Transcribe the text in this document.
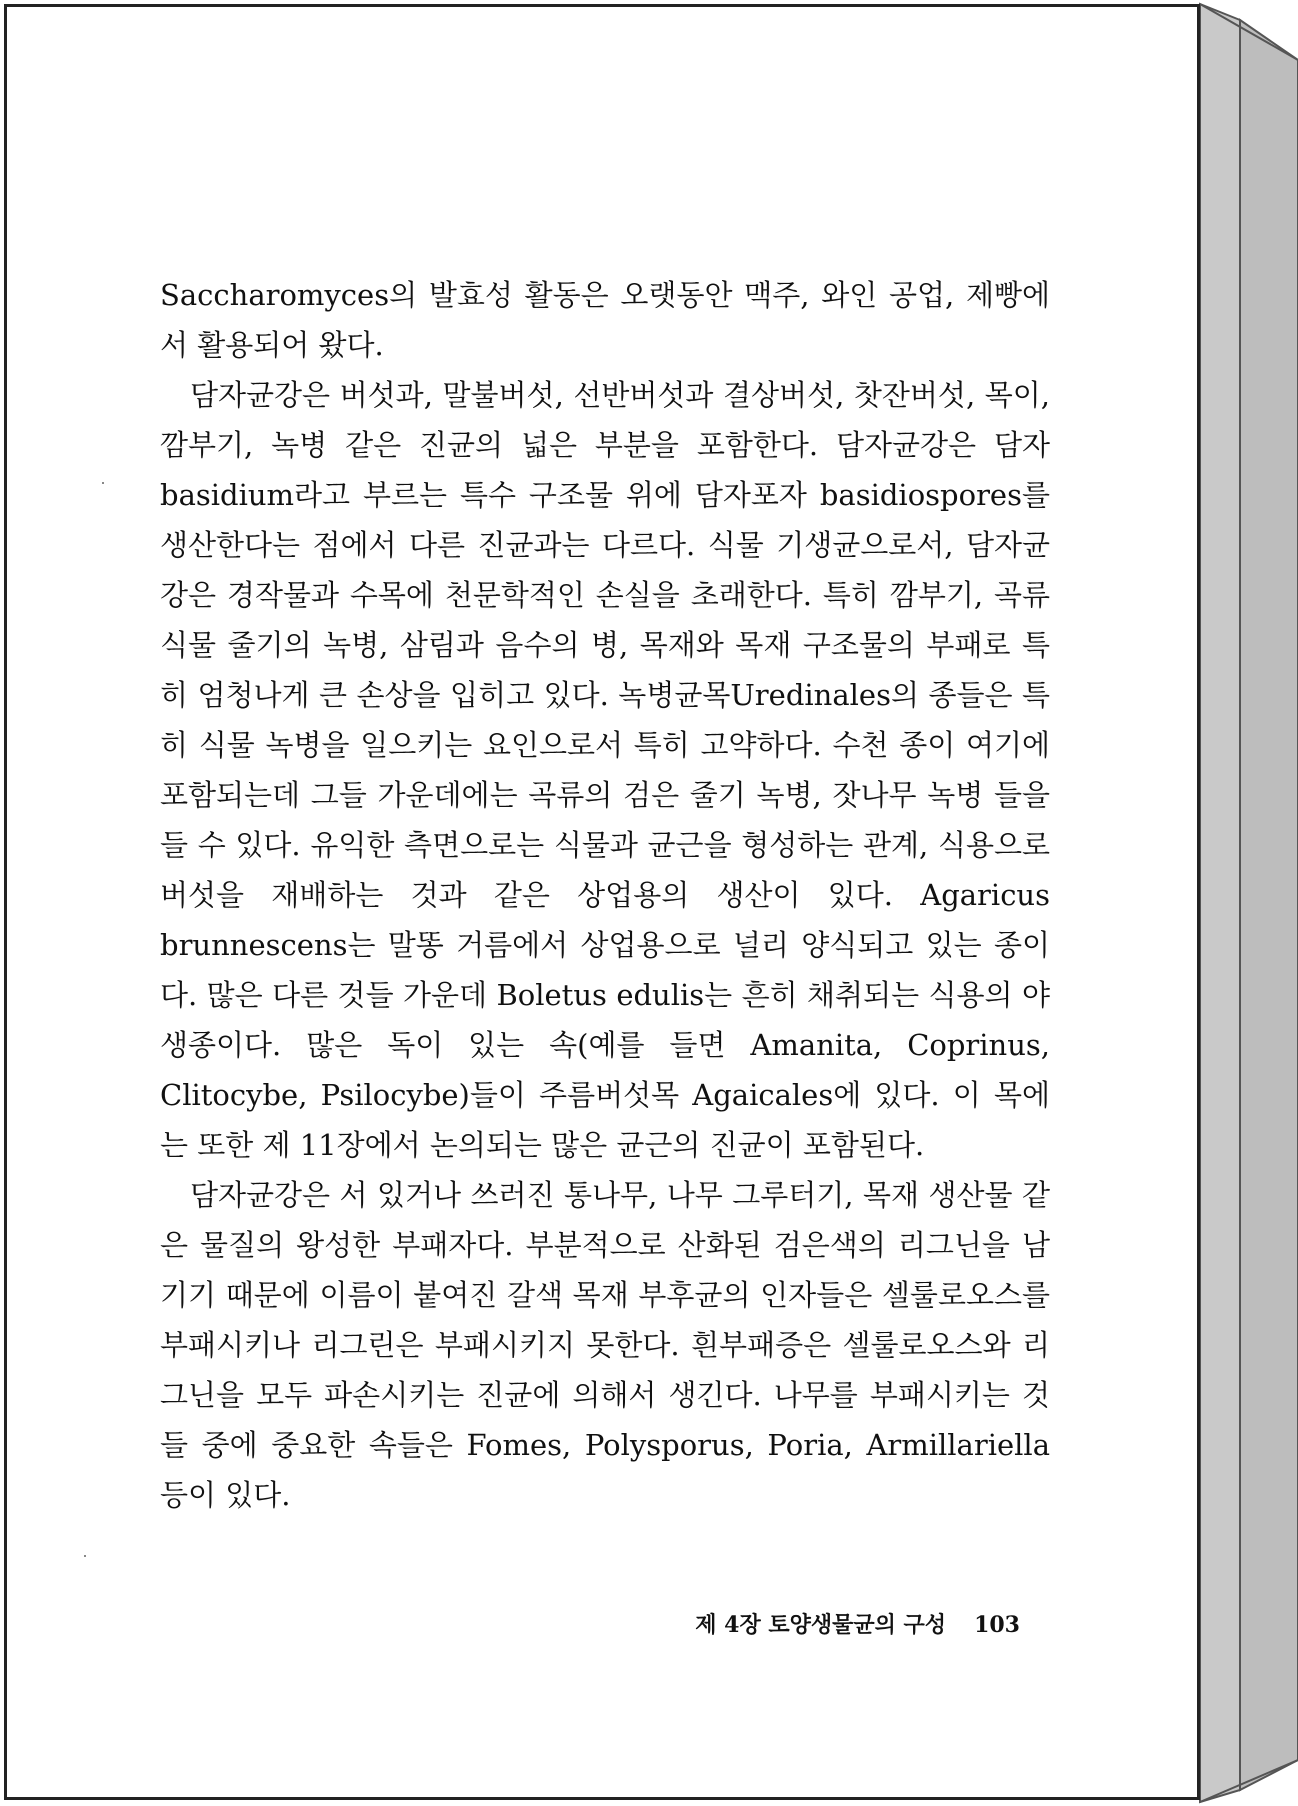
Saccharomyces의 발효성 활동은 오랫동안 맥주, 와인 공업, 제빵에서 활용되어 왔다.

담자균강은 버섯과, 말불버섯, 선반버섯과 결상버섯, 찻잔버섯, 목이, 깜부기, 녹병 같은 진균의 넓은 부분을 포함한다. 담자균강은 담자 basidium라고 부르는 특수 구조물 위에 담자포자 basidiospores를 생산한다는 점에서 다른 진균과는 다르다. 식물 기생균으로서, 담자균강은 경작물과 수목에 천문학적인 손실을 초래한다. 특히 깜부기, 곡류 식물 줄기의 녹병, 삼림과 음수의 병, 목재와 목재 구조물의 부패로 특히 엄청나게 큰 손상을 입히고 있다. 녹병균목Uredinales의 종들은 특히 식물 녹병을 일으키는 요인으로서 특히 고약하다. 수천 종이 여기에 포함되는데 그들 가운데에는 곡류의 검은 줄기 녹병, 잣나무 녹병 들을 들 수 있다. 유익한 측면으로는 식물과 균근을 형성하는 관계, 식용으로 버섯을 재배하는 것과 같은 상업용의 생산이 있다. Agaricus brunnescens는 말똥 거름에서 상업용으로 널리 양식되고 있는 종이다. 많은 다른 것들 가운데 Boletus edulis는 흔히 채취되는 식용의 야생종이다. 많은 독이 있는 속(예를 들면 Amanita, Coprinus, Clitocybe, Psilocybe)들이 주름버섯목 Agaicales에 있다. 이 목에는 또한 제 11장에서 논의되는 많은 균근의 진균이 포함된다.

담자균강은 서 있거나 쓰러진 통나무, 나무 그루터기, 목재 생산물 같은 물질의 왕성한 부패자다. 부분적으로 산화된 검은색의 리그닌을 남기기 때문에 이름이 붙여진 갈색 목재 부후균의 인자들은 셀룰로오스를 부패시키나 리그린은 부패시키지 못한다. 흰부패증은 셀룰로오스와 리그닌을 모두 파손시키는 진균에 의해서 생긴다. 나무를 부패시키는 것들 중에 중요한 속들은 Fomes, Polysporus, Poria, Armillariella 등이 있다.

제 4장 토양생물균의 구성 103
